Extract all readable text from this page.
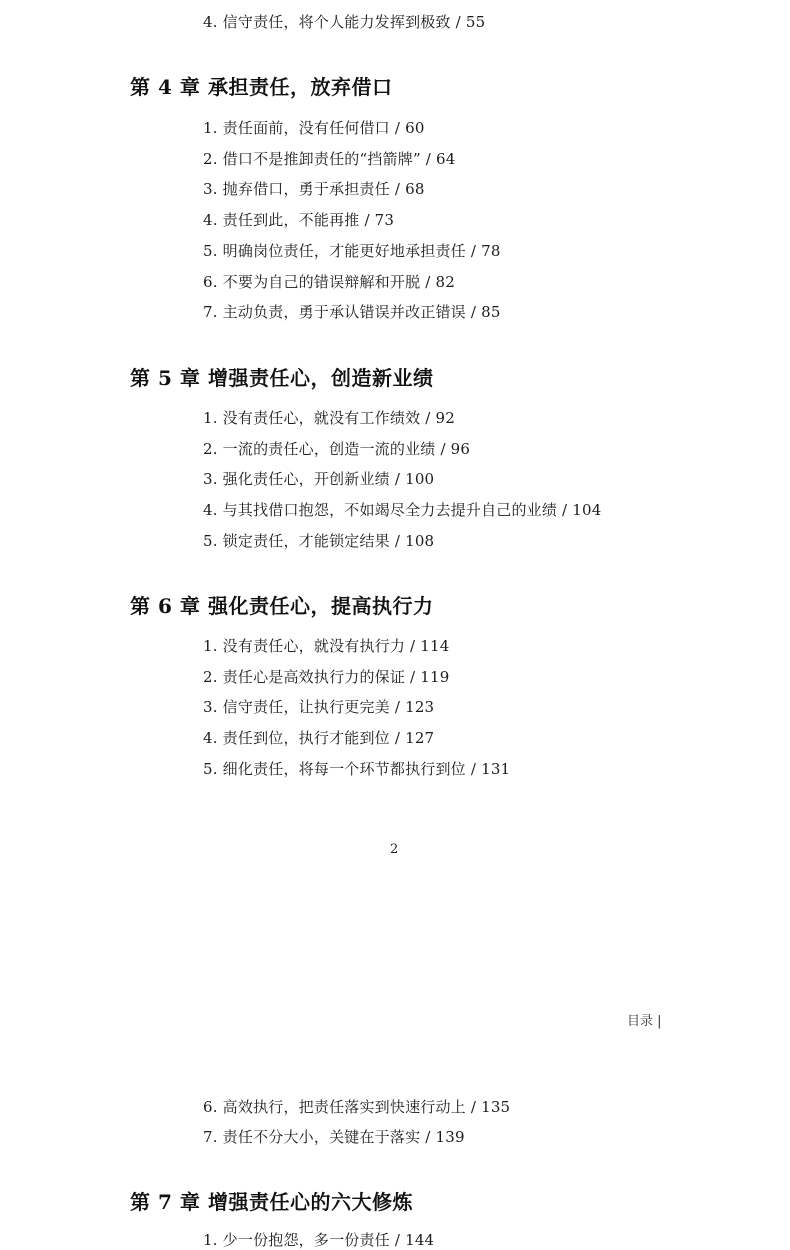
4. 信守责任，将个人能力发挥到极致 / 55
第 4 章 承担责任，放弃借口
1. 责任面前，没有任何借口 / 60
2. 借口不是推卸责任的“挡箭牌” / 64
3. 抛弃借口，勇于承担责任 / 68
4. 责任到此，不能再推 / 73
5. 明确岗位责任，才能更好地承担责任 / 78
6. 不要为自己的错误辩解和开脱 / 82
7. 主动负责，勇于承认错误并改正错误 / 85
第 5 章 增强责任心，创造新业绩
1. 没有责任心，就没有工作绩效 / 92
2. 一流的责任心，创造一流的业绩 / 96
3. 强化责任心，开创新业绩 / 100
4. 与其找借口抱怨，不如竭尽全力去提升自己的业绩 / 104
5. 锁定责任，才能锁定结果 / 108
第 6 章 强化责任心，提高执行力
1. 没有责任心，就没有执行力 / 114
2. 责任心是高效执行力的保证 / 119
3. 信守责任，让执行更完美 / 123
4. 责任到位，执行才能到位 / 127
5. 细化责任，将每一个环节都执行到位 / 131
2
目录 |
6. 高效执行，把责任落实到快速行动上 / 135
7. 责任不分大小，关键在于落实 / 139
第 7 章 增强责任心的六大修炼
1. 少一份抱怨，多一份责任 / 144
